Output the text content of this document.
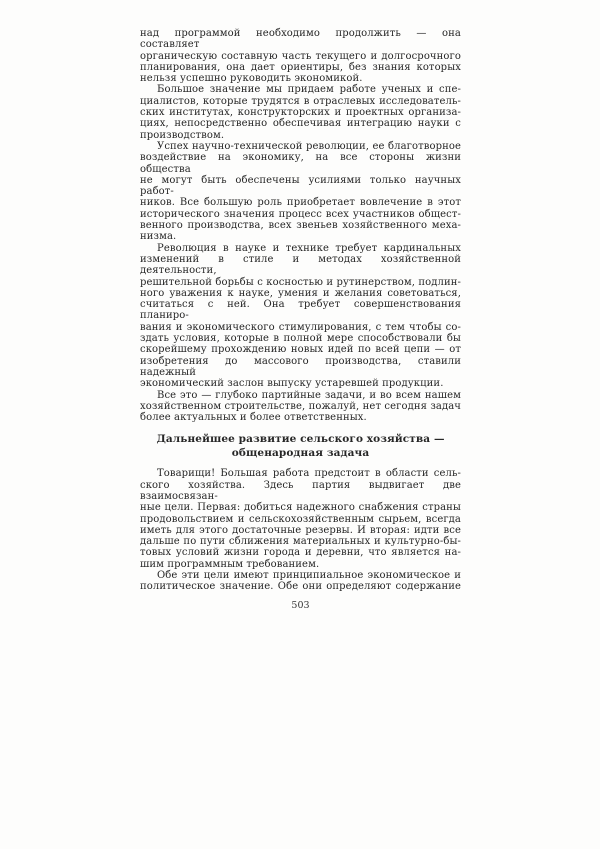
над программой необходимо продолжить — она составляет
органическую составную часть текущего и долгосрочного
планирования, она дает ориентиры, без знания которых
нельзя успешно руководить экономикой.
Большое значение мы придаем работе ученых и спе-
циалистов, которые трудятся в отраслевых исследователь-
ских институтах, конструкторских и проектных организа-
циях, непосредственно обеспечивая интеграцию науки с
производством.
Успех научно-технической революции, ее благотворное
воздействие на экономику, на все стороны жизни общества
не могут быть обеспечены усилиями только научных работ-
ников. Все большую роль приобретает вовлечение в этот
исторического значения процесс всех участников общест-
венного производства, всех звеньев хозяйственного меха-
низма.
Революция в науке и технике требует кардинальных
изменений в стиле и методах хозяйственной деятельности,
решительной борьбы с косностью и рутинерством, подлин-
ного уважения к науке, умения и желания советоваться,
считаться с ней. Она требует совершенствования планиро-
вания и экономического стимулирования, с тем чтобы со-
здать условия, которые в полной мере способствовали бы
скорейшему прохождению новых идей по всей цепи — от
изобретения до массового производства, ставили надежный
экономический заслон выпуску устаревшей продукции.
Все это — глубоко партийные задачи, и во всем нашем
хозяйственном строительстве, пожалуй, нет сегодня задач
более актуальных и более ответственных.
Дальнейшее развитие сельского хозяйства —
общенародная задача
Товарищи! Большая работа предстоит в области сель-
ского хозяйства. Здесь партия выдвигает две взаимосвязан-
ные цели. Первая: добиться надежного снабжения страны
продовольствием и сельскохозяйственным сырьем, всегда
иметь для этого достаточные резервы. И вторая: идти все
дальше по пути сближения материальных и культурно-бы-
товых условий жизни города и деревни, что является на-
шим программным требованием.
Обе эти цели имеют принципиальное экономическое и
политическое значение. Обе они определяют содержание
503
